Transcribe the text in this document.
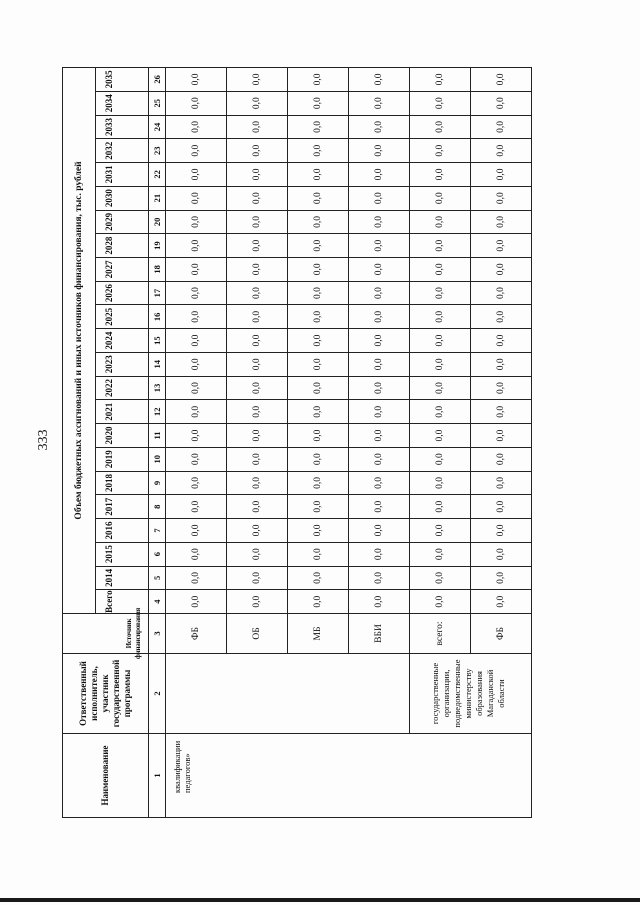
333
Наименование	Ответственный исполнитель, участник государственной программы	Источник финансирования	Объем бюджетных ассигнований и иных источников финансирования, тыс. рублей																						
			Всего	2014	2015	2016	2017	2018	2019	2020	2021	2022	2023	2024	2025	2026	2027	2028	2029	2030	2031	2032	2033	2034	2035
1	2	3	4	5	6	7	8	9	10	11	12	13	14	15	16	17	18	19	20	21	22	23	24	25	26
квалификации педагогов»		ФБ	0,0	0,0	0,0	0,0	0,0	0,0	0,0	0,0	0,0	0,0	0,0	0,0	0,0	0,0	0,0	0,0	0,0	0,0	0,0	0,0	0,0	0,0	0,0
		ОБ	0,0	0,0	0,0	0,0	0,0	0,0	0,0	0,0	0,0	0,0	0,0	0,0	0,0	0,0	0,0	0,0	0,0	0,0	0,0	0,0	0,0	0,0	0,0
		МБ	0,0	0,0	0,0	0,0	0,0	0,0	0,0	0,0	0,0	0,0	0,0	0,0	0,0	0,0	0,0	0,0	0,0	0,0	0,0	0,0	0,0	0,0	0,0
		ВБИ	0,0	0,0	0,0	0,0	0,0	0,0	0,0	0,0	0,0	0,0	0,0	0,0	0,0	0,0	0,0	0,0	0,0	0,0	0,0	0,0	0,0	0,0	0,0
	государственные организации, подведомственные министерству образования Магаданской области	всего:	0,0	0,0	0,0	0,0	0,0	0,0	0,0	0,0	0,0	0,0	0,0	0,0	0,0	0,0	0,0	0,0	0,0	0,0	0,0	0,0	0,0	0,0	0,0
		ФБ	0,0	0,0	0,0	0,0	0,0	0,0	0,0	0,0	0,0	0,0	0,0	0,0	0,0	0,0	0,0	0,0	0,0	0,0	0,0	0,0	0,0	0,0	0,0
